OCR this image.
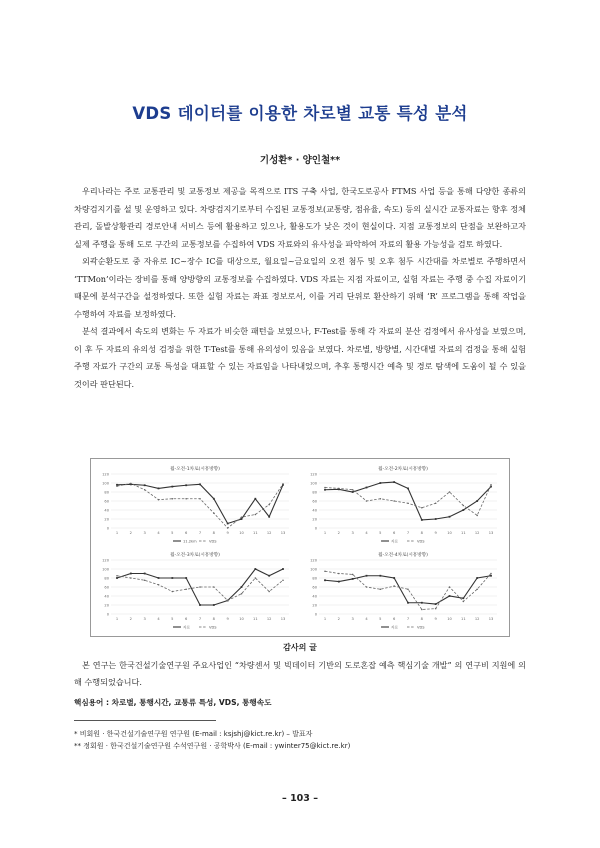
VDS 데이터를 이용한 차로별 교통 특성 분석
기성환* · 양인철**

우리나라는 주로 교통관리 및 교통정보 제공을 목적으로 ITS 구축 사업, 한국도로공사 FTMS 사업 등을 통해 다양한 종류의 차량검지기를 설 및 운영하고 있다. 차량검지기로부터 수집된 교통정보(교통량, 점유율, 속도) 등의 실시간 교통자료는 향후 정체관리, 돌발상황관리 경로안내 서비스 등에 활용하고 있으나, 활용도가 낮은 것이 현실이다. 지점 교통정보의 단점을 보완하고자 실제 주행을 통해 도로 구간의 교통정보를 수집하여 VDS 자료와의 유사성을 파악하여 자료의 활용 가능성을 검토 하였다.

외곽순환도로 중 자유로 IC~장수 IC를 대상으로, 월요일~금요일의 오전 첨두 및 오후 첨두 시간대를 차로별로 주행하면서 ‘TTMon’이라는 장비를 통해 양방향의 교통정보를 수집하였다. VDS 자료는 지점 자료이고, 실험 자료는 주행 중 수집 자료이기 때문에 분석구간을 설정하였다. 또한 실험 자료는 좌표 정보로서, 이를 거리 단위로 환산하기 위해 ‘R’ 프로그램을 통해 작업을 수행하여 자료를 보정하였다.

분석 결과에서 속도의 변화는 두 자료가 비슷한 패턴을 보였으나, F-Test를 통해 각 자료의 분산 검정에서 유사성을 보였으며, 이 후 두 자료의 유의성 검정을 위한 T-Test를 통해 유의성이 있음을 보였다. 차로별, 방향별, 시간대별 자료의 검정을 통해 실험 주행 자료가 구간의 교통 특성을 대표할 수 있는 자료임을 나타내었으며, 추후 통행시간 예측 및 경로 탐색에 도움이 될 수 있을 것이라 판단된다.

월-오전-1차로(시흥방향)
0
20
40
60
80
100
120
1	2	3	4	5	6	7	8	9	10	11	12	13
11.2km	VDS
월-오전-2차로(시흥방향)
0
20
40
60
80
100
120
1	2	3	4	5	6	7	8	9	10	11	12	13
자료	VDS
월-오전-3차로(시흥방향)
0
20
40
60
80
100
120
1	2	3	4	5	6	7	8	9	10	11	12	13
자료	VDS
월-오전-4차로(시흥방향)
0
20
40
60
80
100
120
1	2	3	4	5	6	7	8	9	10	11	12	13
자료	VDS
감사의 글

본 연구는 한국건설기술연구원 주요사업인 “차량센서 및 빅데이터 기반의 도로혼잡 예측 핵심기술 개발” 의 연구비 지원에 의해 수행되었습니다.

핵심용어 : 차로별, 통행시간, 교통류 특성, VDS, 통행속도
* 비회원 · 한국건설기술연구원 연구원 (E-mail : ksjshj@kict.re.kr) – 발표자
** 정회원 · 한국건설기술연구원 수석연구원 · 공학박사 (E-mail : ywinter75@kict.re.kr)
– 103 –
